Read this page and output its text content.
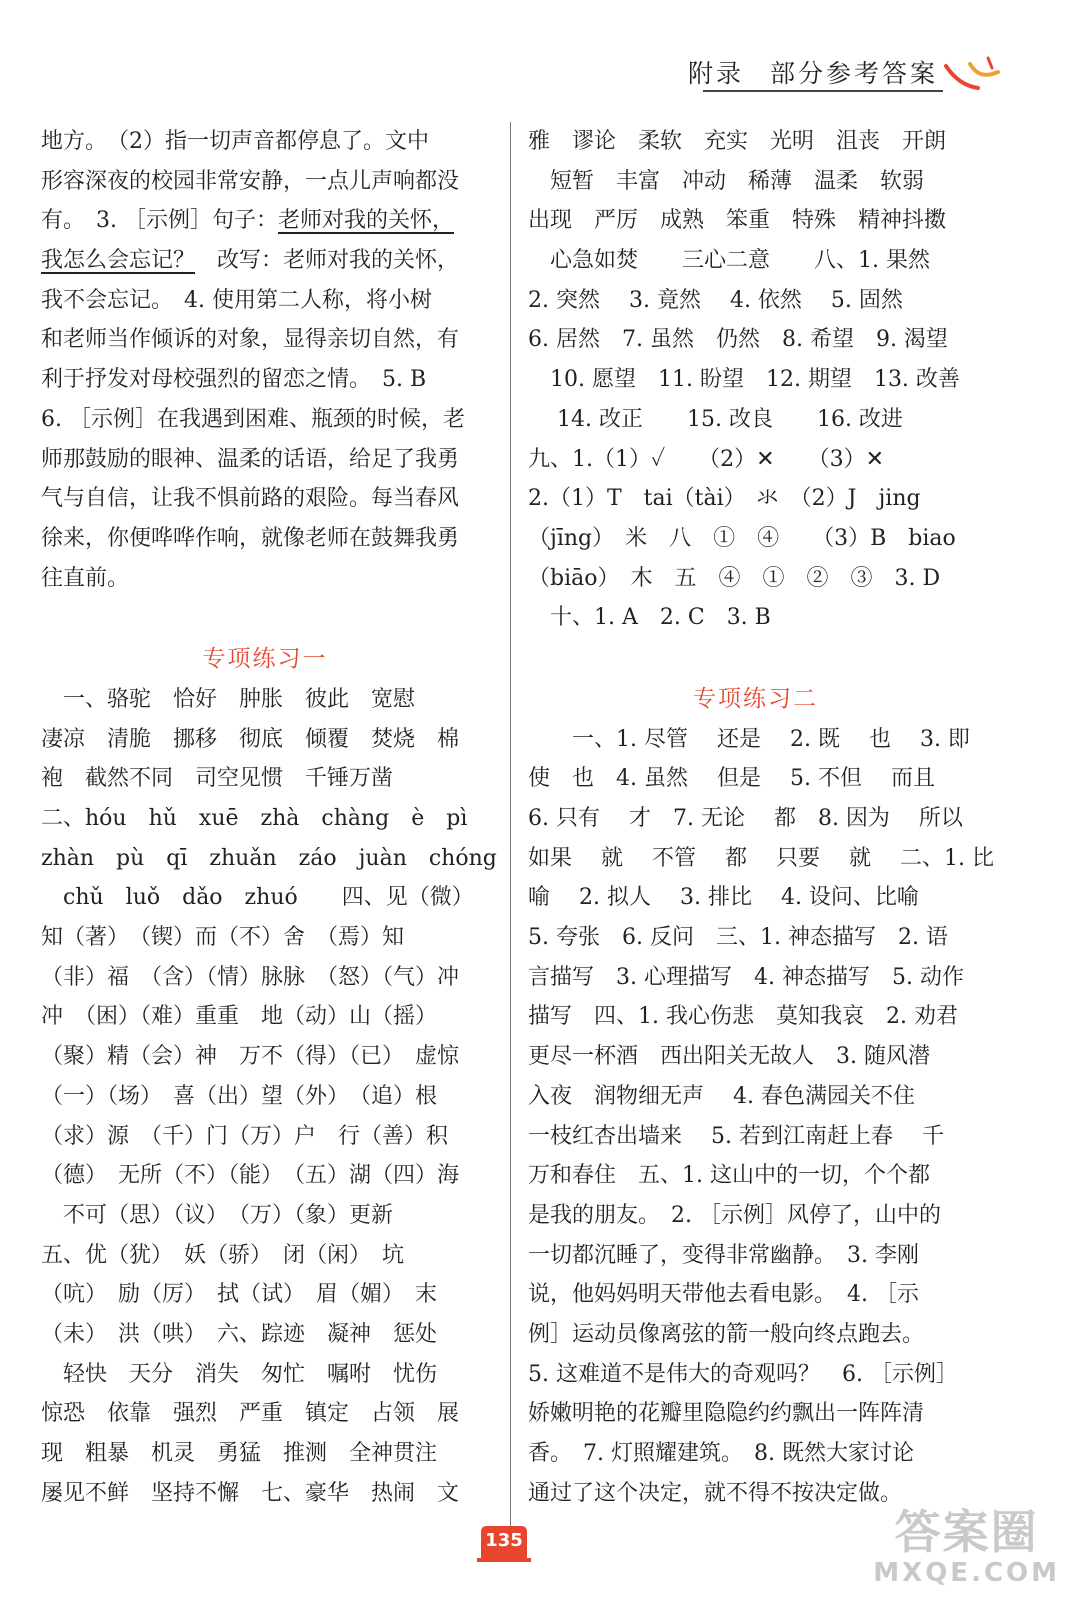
附录 部分参考答案
地方。　（2）指一切声音都停息了。文中
形容深夜的校园非常安静，一点儿声响都没
有。　3. ［示例］句子：老师对我的关怀，
我怎么会忘记？　改写：老师对我的关怀，
我不会忘记。　4. 使用第二人称，将小树
和老师当作倾诉的对象，显得亲切自然，有
利于抒发对母校强烈的留恋之情。　5. B
6. ［示例］在我遇到困难、瓶颈的时候，老
师那鼓励的眼神、温柔的话语，给足了我勇
气与自信，让我不惧前路的艰险。每当春风
徐来，你便哗哗作响，就像老师在鼓舞我勇
往直前。
专项练习一
　一、骆驼　恰好　肿胀　彼此　宽慰
凄凉　清脆　挪移　彻底　倾覆　焚烧　棉
袍　截然不同　司空见惯　千锤万凿
二、hóu　hǔ　xuē　zhà　chàng　è　pì
zhàn　pù　qī　zhuǎn　záo　juàn　chóng
　chǔ　luǒ　dǎo　zhuó　　四、见（微）
知（著）　（锲）而（不）舍　（焉）知
（非）福　（含）（情）脉脉　（怒）（气）冲
冲　（困）（难）重重　地（动）山（摇）
（聚）精（会）神　万不（得）（已）　虚惊
（一）（场）　喜（出）望（外）　（追）根
（求）源　（千）门（万）户　行（善）积
（德）　无所（不）（能）　（五）湖（四）海
　不可（思）（议）　（万）（象）更新
五、优（犹）　妖（骄）　闭（闲）　坑
（吭）　励（厉）　拭（试）　眉（媚）　末
（未）　洪（哄）　六、踪迹　凝神　惩处
　轻快　天分　消失　匆忙　嘱咐　忧伤
惊恐　依靠　强烈　严重　镇定　占领　展
现　粗暴　机灵　勇猛　推测　全神贯注
屡见不鲜　坚持不懈　七、豪华　热闹　文
雅　谬论　柔软　充实　光明　沮丧　开朗
　短暂　丰富　冲动　稀薄　温柔　软弱
出现　严厉　成熟　笨重　特殊　精神抖擞
　心急如焚　　三心二意　　八、1. 果然
2. 突然　 3. 竟然　 4. 依然　 5. 固然
6. 居然　7. 虽然　仍然　8. 希望　9. 渴望
　10. 愿望　11. 盼望　12. 期望　13. 改善
　 14. 改正　　15. 改良　　16. 改进
九、1.（1）✓　　（2）✕　　（3）✕
2.（1）T　tai（tài）　氺　（2）J　jing
（jīng）　米　八　①　④　　（3）B　biao
（biāo）　木　五　④　①　②　③　3. D
　十、1. A　2. C　3. B
专项练习二
　　一、1. 尽管　 还是　 2. 既　 也　 3. 即
使　也　4. 虽然　 但是　 5. 不但　 而且
6. 只有　 才　7. 无论　 都　8. 因为　 所以
如果　 就　 不管　 都　 只要　 就　 二、1. 比
喻　 2. 拟人　 3. 排比　 4. 设问、比喻
5. 夸张　6. 反问　三、1. 神态描写　2. 语
言描写　3. 心理描写　4. 神态描写　5. 动作
描写　四、1. 我心伤悲　莫知我哀　2. 劝君
更尽一杯酒　西出阳关无故人　3. 随风潜
入夜　润物细无声　 4. 春色满园关不住
一枝红杏出墙来　 5. 若到江南赶上春　 千
万和春住　五、1. 这山中的一切，个个都
是我的朋友。　2. ［示例］风停了，山中的
一切都沉睡了，变得非常幽静。　3. 李刚
说，他妈妈明天带他去看电影。　4. ［示
例］运动员像离弦的箭一般向终点跑去。
5. 这难道不是伟大的奇观吗？　6. ［示例］
娇嫩明艳的花瓣里隐隐约约飘出一阵阵清
香。　7. 灯照耀建筑。　8. 既然大家讨论
通过了这个决定，就不得不按决定做。
135	答案圈
MXQE.COM
